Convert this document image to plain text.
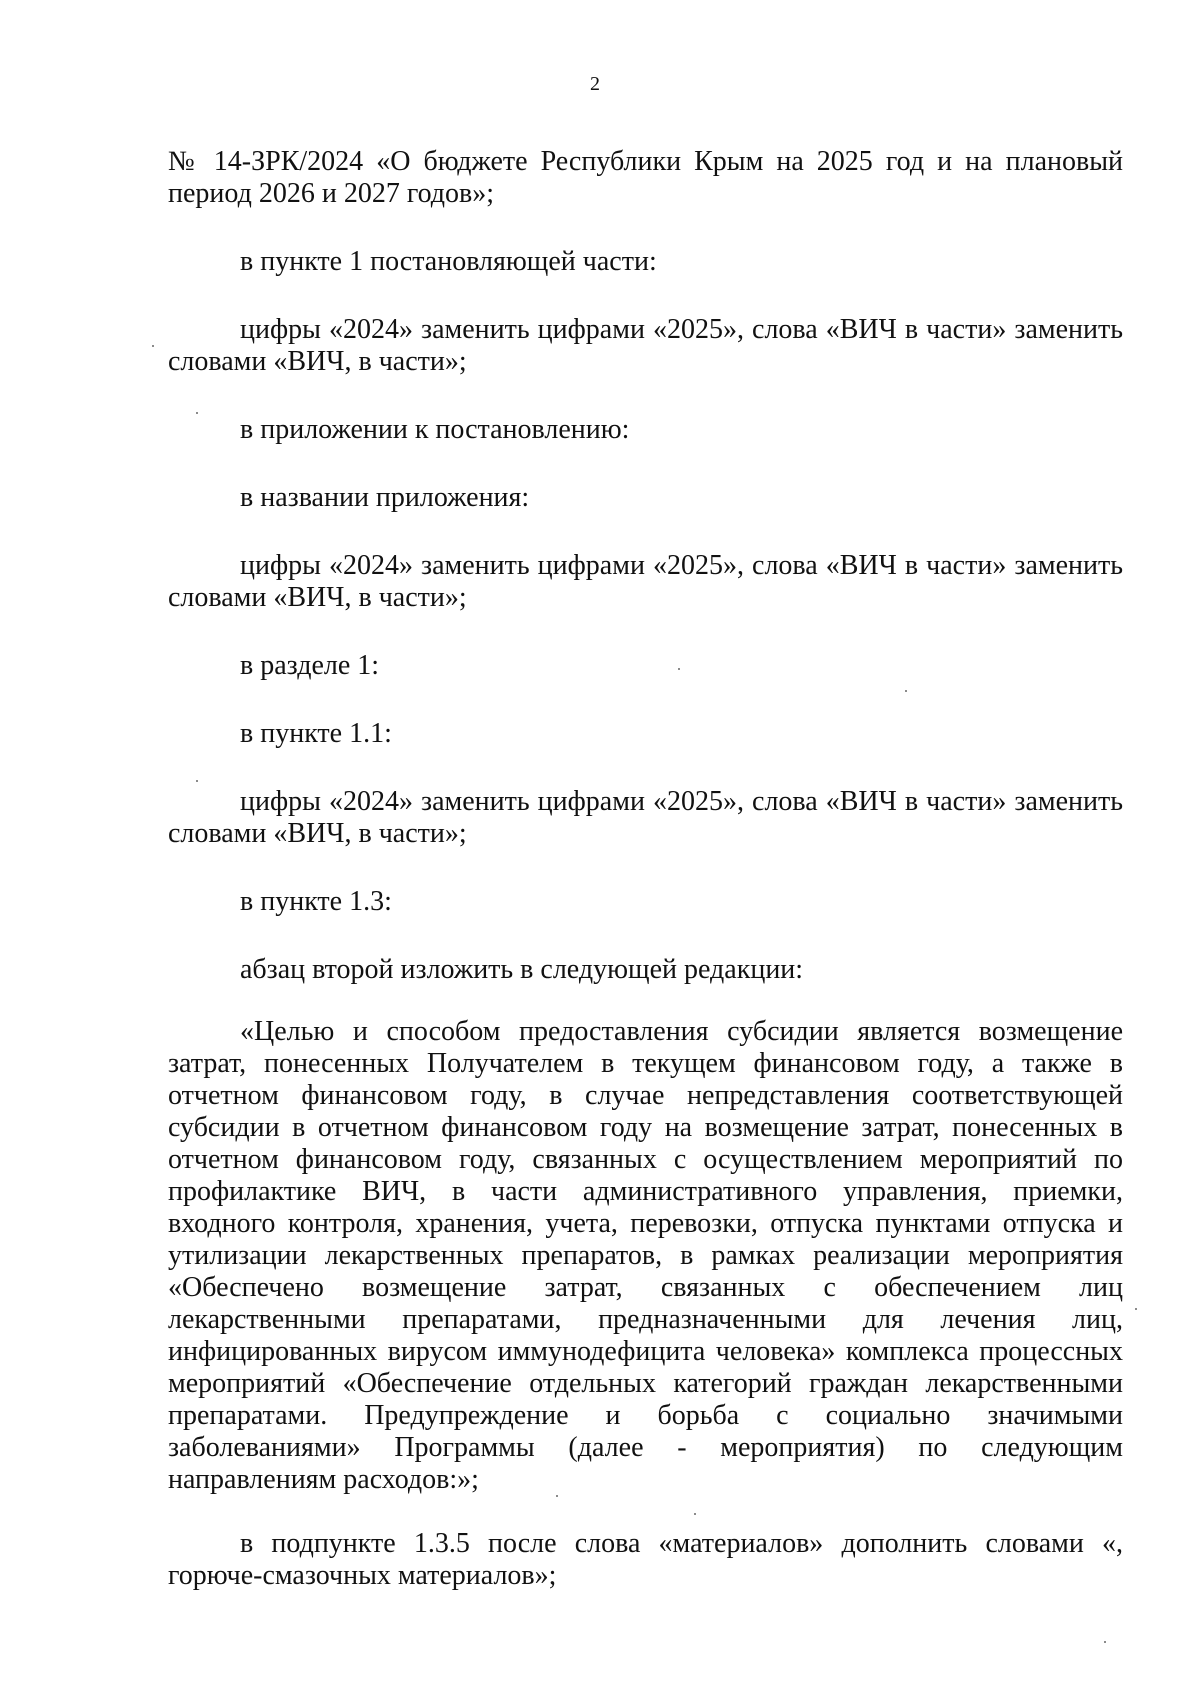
2

№ 14-ЗРК/2024 «О бюджете Республики Крым на 2025 год и на плановый период 2026 и 2027 годов»;

в пункте 1 постановляющей части:

цифры «2024» заменить цифрами «2025», слова «ВИЧ в части» заменить словами «ВИЧ, в части»;

в приложении к постановлению:

в названии приложения:

цифры «2024» заменить цифрами «2025», слова «ВИЧ в части» заменить словами «ВИЧ, в части»;

в разделе 1:

в пункте 1.1:

цифры «2024» заменить цифрами «2025», слова «ВИЧ в части» заменить словами «ВИЧ, в части»;

в пункте 1.3:

абзац второй изложить в следующей редакции:

«Целью и способом предоставления субсидии является возмещение затрат, понесенных Получателем в текущем финансовом году, а также в отчетном финансовом году, в случае непредставления соответствующей субсидии в отчетном финансовом году на возмещение затрат, понесенных в отчетном финансовом году, связанных с осуществлением мероприятий по профилактике ВИЧ, в части административного управления, приемки, входного контроля, хранения, учета, перевозки, отпуска пунктами отпуска и утилизации лекарственных препаратов, в рамках реализации мероприятия «Обеспечено возмещение затрат, связанных с обеспечением лиц лекарственными препаратами, предназначенными для лечения лиц, инфицированных вирусом иммунодефицита человека» комплекса процессных мероприятий «Обеспечение отдельных категорий граждан лекарственными препаратами. Предупреждение и борьба с социально значимыми заболеваниями» Программы (далее - мероприятия) по следующим направлениям расходов:»;

в подпункте 1.3.5 после слова «материалов» дополнить словами «, горюче-смазочных материалов»;
